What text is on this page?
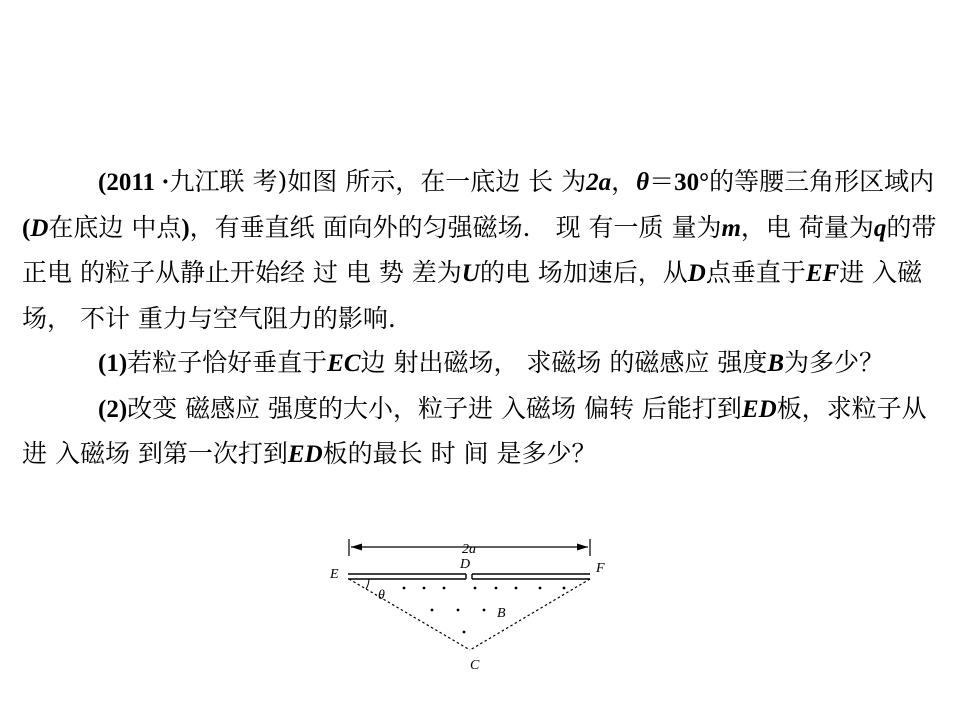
(2011 ·九江联 考)如图 所示，在一底边 长 为2a，θ＝30°的等腰三角形区域内(D在底边 中点)，有垂直纸 面向外的匀强磁场． 现 有一质 量为m，电 荷量为q的带 正电 的粒子从静止开始经 过 电 势 差为U的电 场加速后，从D点垂直于EF进 入磁场， 不计 重力与空气阻力的影响.

(1)若粒子恰好垂直于EC边 射出磁场， 求磁场 的磁感应 强度B为多少？

(2)改变 磁感应 强度的大小，粒子进 入磁场 偏转 后能打到ED板，求粒子从进 入磁场 到第一次打到ED板的最长 时 间 是多少？

2a
E	F
D
θ
B
C
